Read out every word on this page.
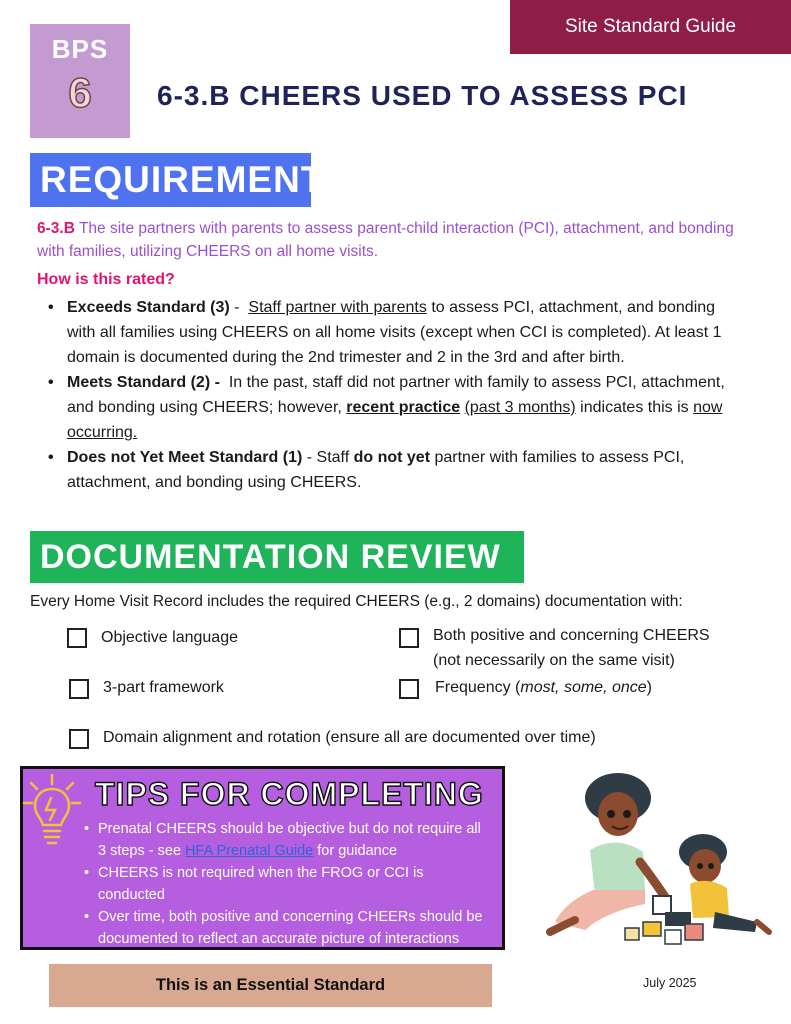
Site Standard Guide
BPS
6	6-3.B CHEERS USED TO ASSESS PCI
REQUIREMENT
6-3.B The site partners with parents to assess parent-child interaction (PCI), attachment, and bonding with families, utilizing CHEERS on all home visits.
How is this rated?
• Exceeds Standard (3) -  Staff partner with parents to assess PCI, attachment, and bonding with all families using CHEERS on all home visits (except when CCI is completed). At least 1 domain is documented during the 2nd trimester and 2 in the 3rd and after birth.
• Meets Standard (2) -  In the past, staff did not partner with family to assess PCI, attachment, and bonding using CHEERS; however, recent practice (past 3 months) indicates this is now occurring.
• Does not Yet Meet Standard (1) - Staff do not yet partner with families to assess PCI, attachment, and bonding using CHEERS.
DOCUMENTATION REVIEW
Every Home Visit Record includes the required CHEERS (e.g., 2 domains) documentation with:
Objective language	Both positive and concerning CHEERS
(not necessarily on the same visit)
3-part framework	Frequency (most, some, once)
Domain alignment and rotation (ensure all are documented over time)
TIPS FOR COMPLETING
• Prenatal CHEERS should be objective but do not require all 3 steps - see HFA Prenatal Guide for guidance
• CHEERS is not required when the FROG or CCI is conducted
• Over time, both positive and concerning CHEERs should be documented to reflect an accurate picture of interactions
This is an Essential Standard	July 2025
